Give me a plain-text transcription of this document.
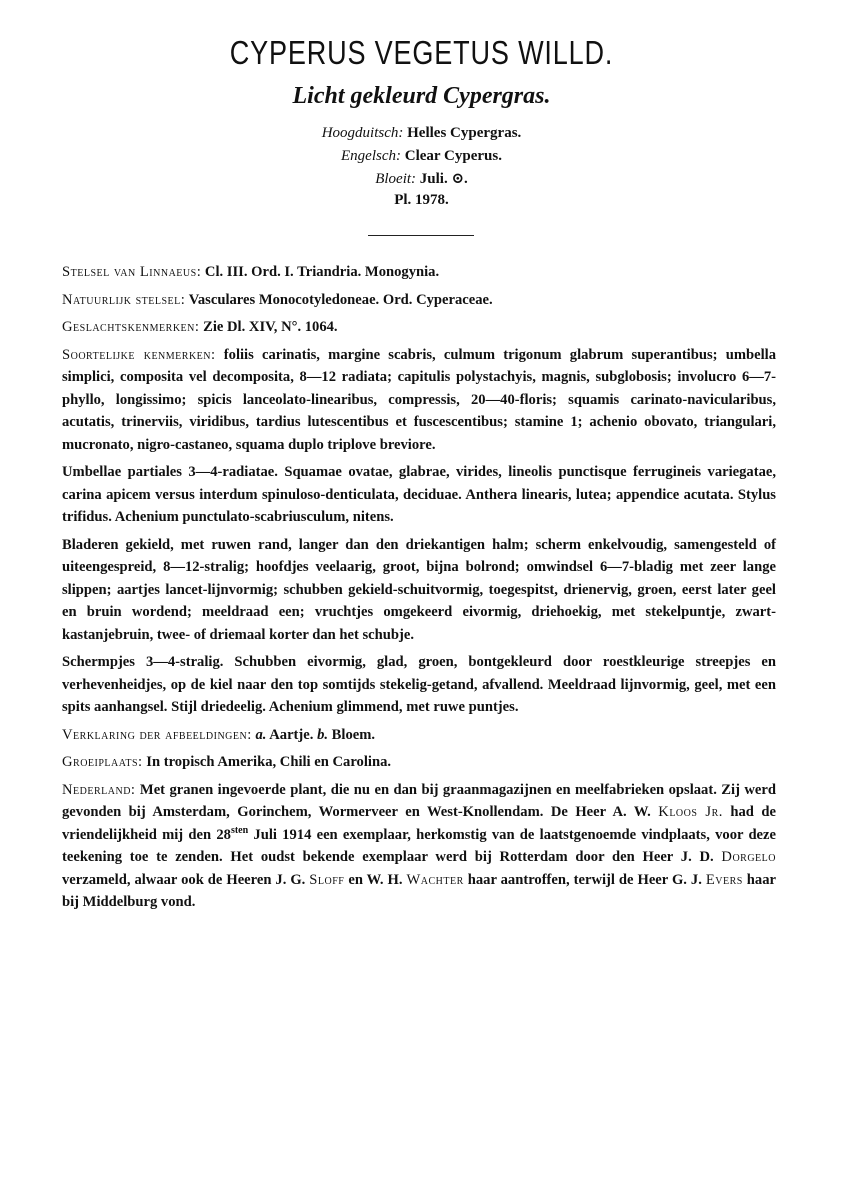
CYPERUS VEGETUS WILLD.
Licht gekleurd Cypergras.
Hoogduitsch: Helles Cypergras.
Engelsch: Clear Cyperus.
Bloeit: Juli. ⊙.
Pl. 1978.

Stelsel van Linnaeus: Cl. III. Ord. I. Triandria. Monogynia.

Natuurlijk stelsel: Vasculares Monocotyledoneae. Ord. Cyperaceae.

Geslachtskenmerken: Zie Dl. XIV, N°. 1064.

Soortelijke kenmerken: foliis carinatis, margine scabris, culmum trigonum glabrum superantibus; umbella simplici, composita vel decomposita, 8—12 radiata; capitulis polystachyis, magnis, subglobosis; involucro 6—7-phyllo, longissimo; spicis lanceolato-linearibus, compressis, 20—40-floris; squamis carinato-navicularibus, acutatis, trinerviis, viridibus, tardius lutescentibus et fuscescentibus; stamine 1; achenio obovato, triangulari, mucronato, nigro-castaneo, squama duplo triplove breviore.

Umbellae partiales 3—4-radiatae. Squamae ovatae, glabrae, virides, lineolis punctisque ferrugineis variegatae, carina apicem versus interdum spinuloso-denticulata, deciduae. Anthera linearis, lutea; appendice acutata. Stylus trifidus. Achenium punctulato-scabriusculum, nitens.

Bladeren gekield, met ruwen rand, langer dan den driekantigen halm; scherm enkelvoudig, samengesteld of uiteengespreid, 8—12-stralig; hoofdjes veelaarig, groot, bijna bolrond; omwindsel 6—7-bladig met zeer lange slippen; aartjes lancet-lijnvormig; schubben gekield-schuitvormig, toegespitst, drienervig, groen, eerst later geel en bruin wordend; meeldraad een; vruchtjes omgekeerd eivormig, driehoekig, met stekelpuntje, zwart-kastanjebruin, twee- of driemaal korter dan het schubje.

Schermpjes 3—4-stralig. Schubben eivormig, glad, groen, bontgekleurd door roestkleurige streepjes en verhevenheidjes, op de kiel naar den top somtijds stekelig-getand, afvallend. Meeldraad lijnvormig, geel, met een spits aanhangsel. Stijl driedeelig. Achenium glimmend, met ruwe puntjes.

Verklaring der afbeeldingen: a. Aartje. b. Bloem.

Groeiplaats: In tropisch Amerika, Chili en Carolina.

Nederland: Met granen ingevoerde plant, die nu en dan bij graanmagazijnen en meelfabrieken opslaat. Zij werd gevonden bij Amsterdam, Gorinchem, Wormerveer en West-Knollendam. De Heer A. W. Kloos Jr. had de vriendelijkheid mij den $28^{sten}$ Juli 1914 een exemplaar, herkomstig van de laatstgenoemde vindplaats, voor deze teekening toe te zenden. Het oudst bekende exemplaar werd bij Rotterdam door den Heer J. D. Dorgelo verzameld, alwaar ook de Heeren J. G. Sloff en W. H. Wachter haar aantroffen, terwijl de Heer G. J. Evers haar bij Middelburg vond.
